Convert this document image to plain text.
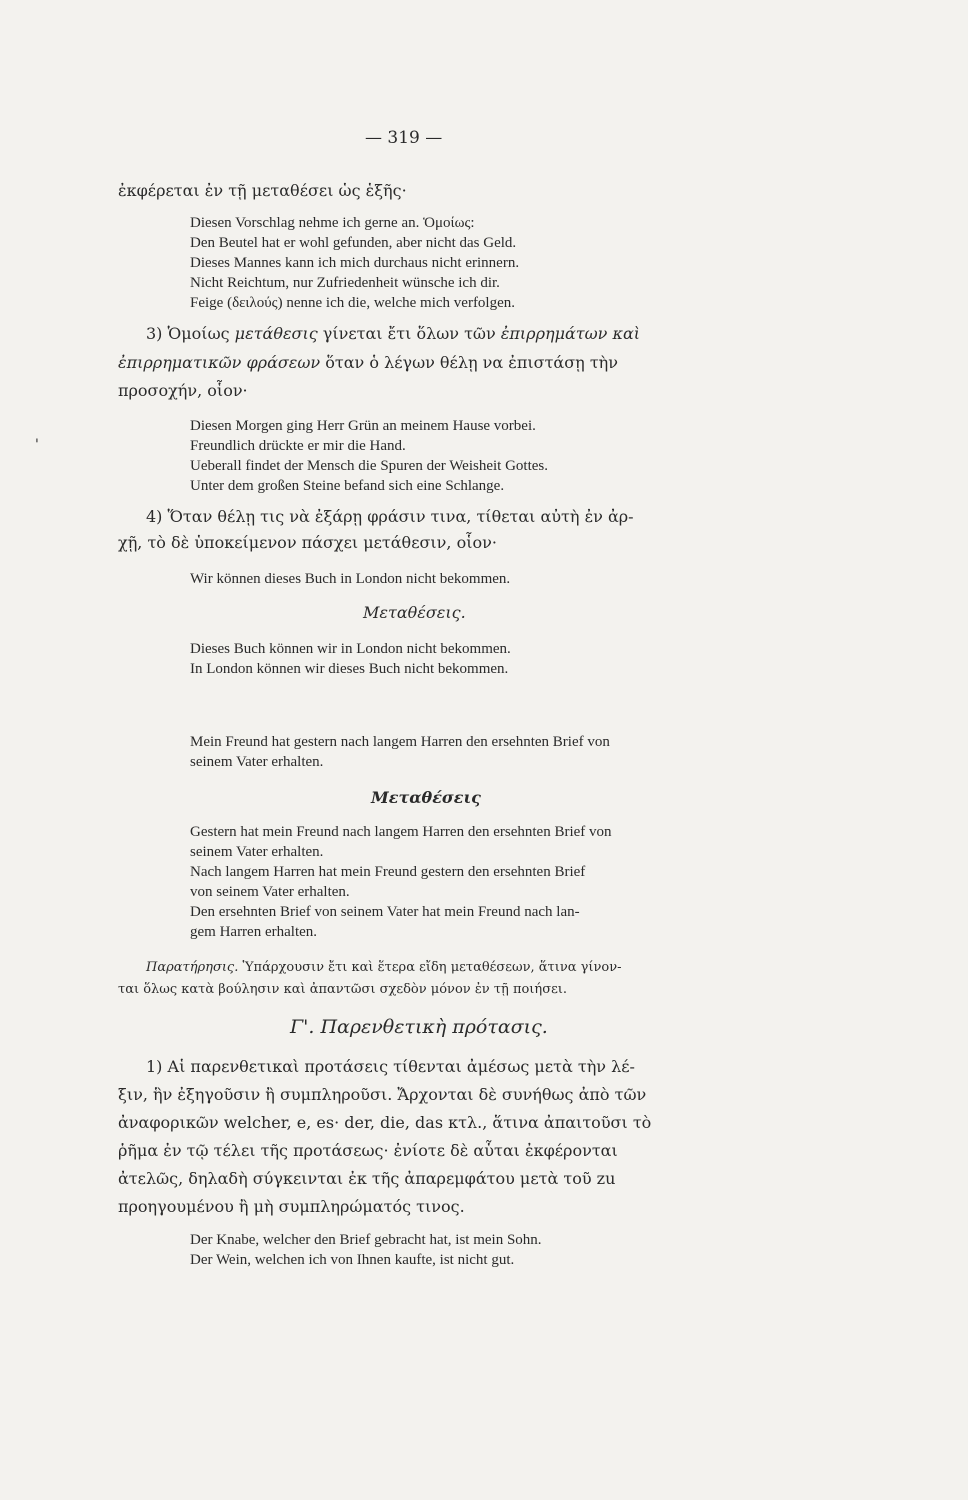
— 319 —
ἐκφέρεται ἐν τῇ μεταθέσει ὡς ἑξῆς·
Diesen Vorschlag nehme ich gerne an. Ὁμοίως:
Den Beutel hat er wohl gefunden, aber nicht das Geld.
Dieses Mannes kann ich mich durchaus nicht erinnern.
Nicht Reichtum, nur Zufriedenheit wünsche ich dir.
Feige (δειλούς) nenne ich die, welche mich verfolgen.
3) Ὁμοίως μετάθεσις γίνεται ἔτι ὅλων τῶν ἐπιρρημάτων καὶ
ἐπιρρηματικῶν φράσεων ὅταν ὁ λέγων θέλῃ να ἐπιστάσῃ τὴν
προσοχήν, οἷον·
'
Diesen Morgen ging Herr Grün an meinem Hause vorbei.
Freundlich drückte er mir die Hand.
Ueberall findet der Mensch die Spuren der Weisheit Gottes.
Unter dem großen Steine befand sich eine Schlange.
4) Ὅταν θέλῃ τις νὰ ἐξάρῃ φράσιν τινα, τίθεται αὐτὴ ἐν ἀρ-
χῇ, τὸ δὲ ὑποκείμενον πάσχει μετάθεσιν, οἷον·
Wir können dieses Buch in London nicht bekommen.
Μεταθέσεις.
Dieses Buch können wir in London nicht bekommen.
In London können wir dieses Buch nicht bekommen.
Mein Freund hat gestern nach langem Harren den ersehnten Brief von
seinem Vater erhalten.
Μεταθέσεις
Gestern hat mein Freund nach langem Harren den ersehnten Brief von
seinem Vater erhalten.
Nach langem Harren hat mein Freund gestern den ersehnten Brief
von seinem Vater erhalten.
Den ersehnten Brief von seinem Vater hat mein Freund nach lan-
gem Harren erhalten.
Παρατήρησις. Ὑπάρχουσιν ἔτι καὶ ἕτερα εἴδη μεταθέσεων, ἅτινα γίνον-
ται ὅλως κατὰ βούλησιν καὶ ἀπαντῶσι σχεδὸν μόνον ἐν τῇ ποιήσει.
Γ'. Παρενθετικὴ πρότασις.
1) Αἱ παρενθετικαὶ προτάσεις τίθενται ἀμέσως μετὰ τὴν λέ-
ξιν, ἣν ἐξηγοῦσιν ἢ συμπληροῦσι. Ἄρχονται δὲ συνήθως ἀπὸ τῶν
ἀναφορικῶν welcher, e, es· der, die, das κτλ., ἅτινα ἀπαιτοῦσι τὸ
ῥῆμα ἐν τῷ τέλει τῆς προτάσεως· ἐνίοτε δὲ αὗται ἐκφέρονται
ἀτελῶς, δηλαδὴ σύγκεινται ἐκ τῆς ἀπαρεμφάτου μετὰ τοῦ zu
προηγουμένου ἢ μὴ συμπληρώματός τινος.
Der Knabe, welcher den Brief gebracht hat, ist mein Sohn.
Der Wein, welchen ich von Ihnen kaufte, ist nicht gut.
